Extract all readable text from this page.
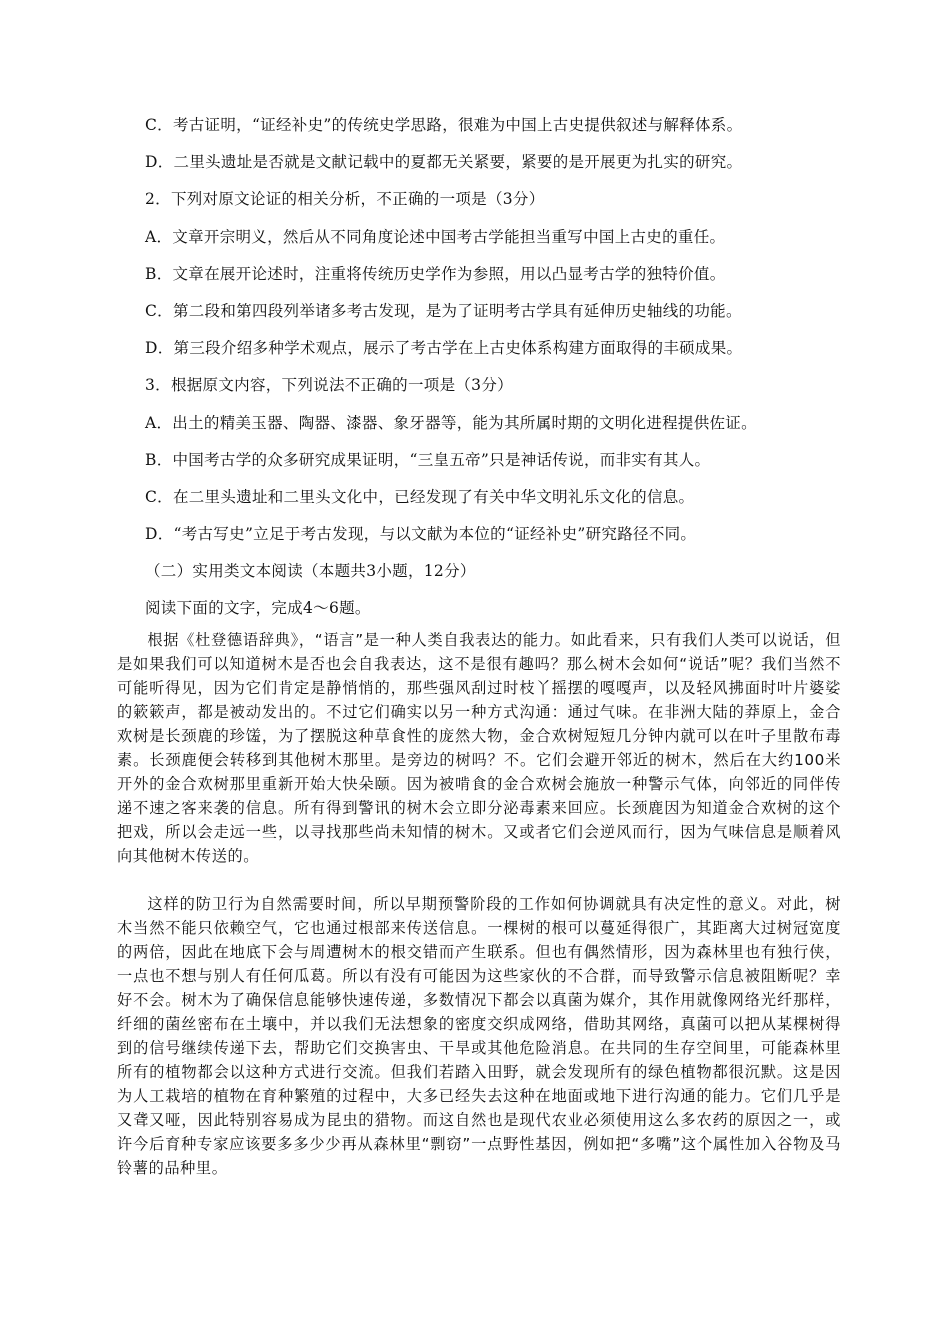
C．考古证明，“证经补史”的传统史学思路，很难为中国上古史提供叙述与解释体系。
D．二里头遗址是否就是文献记载中的夏都无关紧要，紧要的是开展更为扎实的研究。
2．下列对原文论证的相关分析，不正确的一项是（3分）
A．文章开宗明义，然后从不同角度论述中国考古学能担当重写中国上古史的重任。
B．文章在展开论述时，注重将传统历史学作为参照，用以凸显考古学的独特价值。
C．第二段和第四段列举诸多考古发现，是为了证明考古学具有延伸历史轴线的功能。
D．第三段介绍多种学术观点，展示了考古学在上古史体系构建方面取得的丰硕成果。
3．根据原文内容，下列说法不正确的一项是（3分）
A．出土的精美玉器、陶器、漆器、象牙器等，能为其所属时期的文明化进程提供佐证。
B．中国考古学的众多研究成果证明，“三皇五帝”只是神话传说，而非实有其人。
C．在二里头遗址和二里头文化中，已经发现了有关中华文明礼乐文化的信息。
D．“考古写史”立足于考古发现，与以文献为本位的“证经补史”研究路径不同。
（二）实用类文本阅读（本题共3小题，12分）
阅读下面的文字，完成4～6题。

根据《杜登德语辞典》，“语言”是一种人类自我表达的能力。如此看来，只有我们人类可以说话，但是如果我们可以知道树木是否也会自我表达，这不是很有趣吗？那么树木会如何“说话”呢？我们当然不可能听得见，因为它们肯定是静悄悄的，那些强风刮过时枝丫摇摆的嘎嘎声，以及轻风拂面时叶片婆娑的簌簌声，都是被动发出的。不过它们确实以另一种方式沟通：通过气味。在非洲大陆的莽原上，金合欢树是长颈鹿的珍馐，为了摆脱这种草食性的庞然大物，金合欢树短短几分钟内就可以在叶子里散布毒素。长颈鹿便会转移到其他树木那里。是旁边的树吗？不。它们会避开邻近的树木，然后在大约100米开外的金合欢树那里重新开始大快朵颐。因为被啃食的金合欢树会施放一种警示气体，向邻近的同伴传递不速之客来袭的信息。所有得到警讯的树木会立即分泌毒素来回应。长颈鹿因为知道金合欢树的这个把戏，所以会走远一些，以寻找那些尚未知情的树木。又或者它们会逆风而行，因为气味信息是顺着风向其他树木传送的。

这样的防卫行为自然需要时间，所以早期预警阶段的工作如何协调就具有决定性的意义。对此，树木当然不能只依赖空气，它也通过根部来传送信息。一棵树的根可以蔓延得很广，其距离大过树冠宽度的两倍，因此在地底下会与周遭树木的根交错而产生联系。但也有偶然情形，因为森林里也有独行侠，一点也不想与别人有任何瓜葛。所以有没有可能因为这些家伙的不合群，而导致警示信息被阻断呢？幸好不会。树木为了确保信息能够快速传递，多数情况下都会以真菌为媒介，其作用就像网络光纤那样，纤细的菌丝密布在土壤中，并以我们无法想象的密度交织成网络，借助其网络，真菌可以把从某棵树得到的信号继续传递下去，帮助它们交换害虫、干旱或其他危险消息。在共同的生存空间里，可能森林里所有的植物都会以这种方式进行交流。但我们若踏入田野，就会发现所有的绿色植物都很沉默。这是因为人工栽培的植物在育种繁殖的过程中，大多已经失去这种在地面或地下进行沟通的能力。它们几乎是又聋又哑，因此特别容易成为昆虫的猎物。而这自然也是现代农业必须使用这么多农药的原因之一，或许今后育种专家应该要多多少少再从森林里“剽窃”一点野性基因，例如把“多嘴”这个属性加入谷物及马铃薯的品种里。
